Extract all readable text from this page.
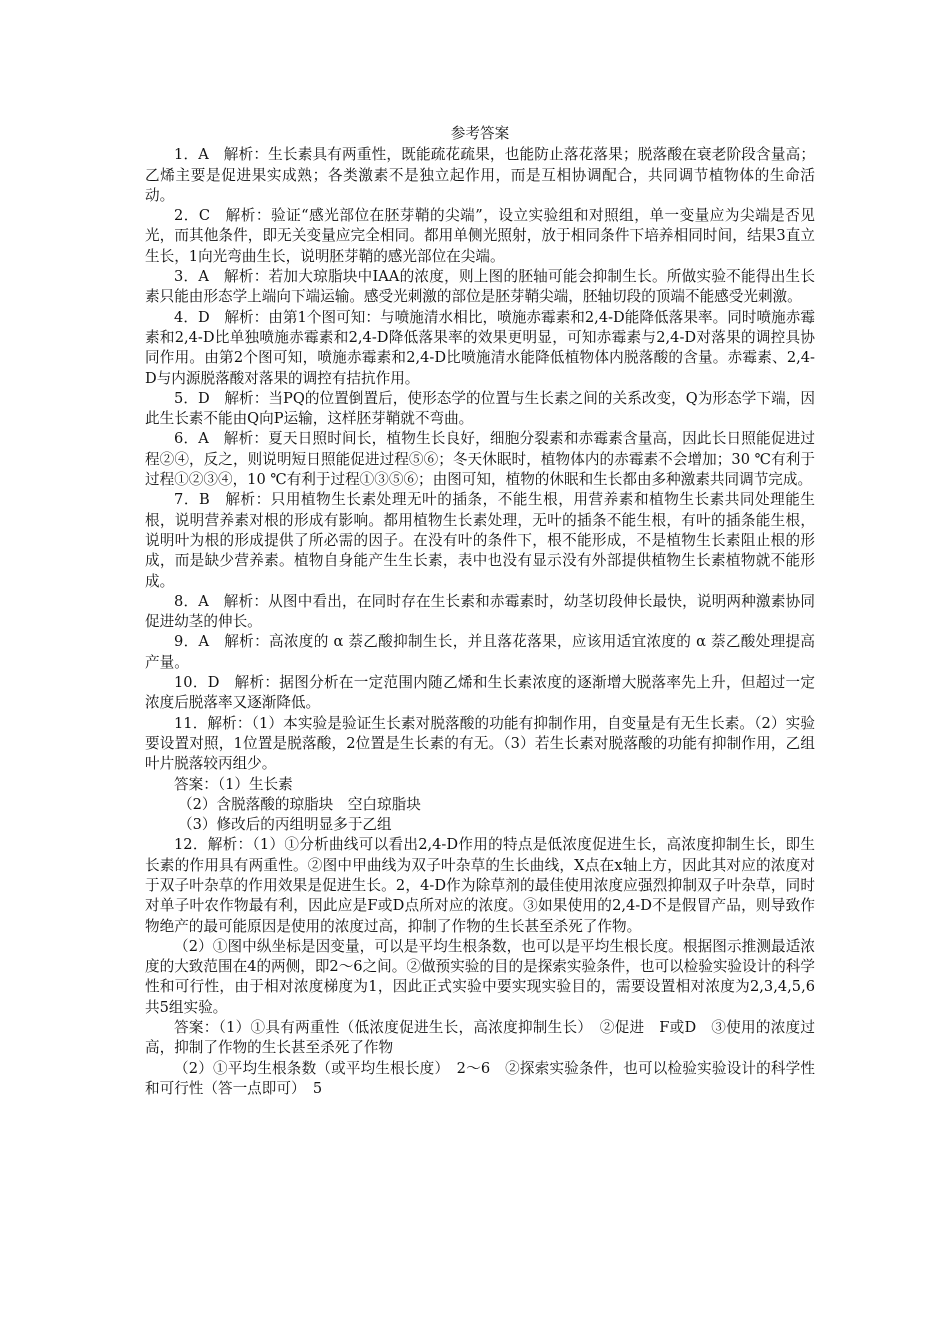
参考答案

1．A　解析：生长素具有两重性，既能疏花疏果，也能防止落花落果；脱落酸在衰老阶段含量高；乙烯主要是促进果实成熟；各类激素不是独立起作用，而是互相协调配合，共同调节植物体的生命活动。

2．C　解析：验证“感光部位在胚芽鞘的尖端”，设立实验组和对照组，单一变量应为尖端是否见光，而其他条件，即无关变量应完全相同。都用单侧光照射，放于相同条件下培养相同时间，结果3直立生长，1向光弯曲生长，说明胚芽鞘的感光部位在尖端。

3．A　解析：若加大琼脂块中IAA的浓度，则上图的胚轴可能会抑制生长。所做实验不能得出生长素只能由形态学上端向下端运输。感受光刺激的部位是胚芽鞘尖端，胚轴切段的顶端不能感受光刺激。

4．D　解析：由第1个图可知：与喷施清水相比，喷施赤霉素和2,4-D能降低落果率。同时喷施赤霉素和2,4-D比单独喷施赤霉素和2,4-D降低落果率的效果更明显，可知赤霉素与2,4-D对落果的调控具协同作用。由第2个图可知，喷施赤霉素和2,4-D比喷施清水能降低植物体内脱落酸的含量。赤霉素、2,4-D与内源脱落酸对落果的调控有拮抗作用。

5．D　解析：当PQ的位置倒置后，使形态学的位置与生长素之间的关系改变，Q为形态学下端，因此生长素不能由Q向P运输，这样胚芽鞘就不弯曲。

6．A　解析：夏天日照时间长，植物生长良好，细胞分裂素和赤霉素含量高，因此长日照能促进过程②④，反之，则说明短日照能促进过程⑤⑥；冬天休眠时，植物体内的赤霉素不会增加；30 ℃有利于过程①②③④，10 ℃有利于过程①③⑤⑥；由图可知，植物的休眠和生长都由多种激素共同调节完成。

7．B　解析：只用植物生长素处理无叶的插条，不能生根，用营养素和植物生长素共同处理能生根，说明营养素对根的形成有影响。都用植物生长素处理，无叶的插条不能生根，有叶的插条能生根，说明叶为根的形成提供了所必需的因子。在没有叶的条件下，根不能形成，不是植物生长素阻止根的形成，而是缺少营养素。植物自身能产生生长素，表中也没有显示没有外部提供植物生长素植物就不能形成。

8．A　解析：从图中看出，在同时存在生长素和赤霉素时，幼茎切段伸长最快，说明两种激素协同促进幼茎的伸长。

9．A　解析：高浓度的 α 萘乙酸抑制生长，并且落花落果，应该用适宜浓度的 α 萘乙酸处理提高产量。

10．D　解析：据图分析在一定范围内随乙烯和生长素浓度的逐渐增大脱落率先上升，但超过一定浓度后脱落率又逐渐降低。

11．解析：（1）本实验是验证生长素对脱落酸的功能有抑制作用，自变量是有无生长素。（2）实验要设置对照，1位置是脱落酸，2位置是生长素的有无。（3）若生长素对脱落酸的功能有抑制作用，乙组叶片脱落较丙组少。

答案：（1）生长素

（2）含脱落酸的琼脂块　空白琼脂块

（3）修改后的丙组明显多于乙组

12．解析：（1）①分析曲线可以看出2,4-D作用的特点是低浓度促进生长，高浓度抑制生长，即生长素的作用具有两重性。②图中甲曲线为双子叶杂草的生长曲线，X点在x轴上方，因此其对应的浓度对于双子叶杂草的作用效果是促进生长。2，4-D作为除草剂的最佳使用浓度应强烈抑制双子叶杂草，同时对单子叶农作物最有利，因此应是F或D点所对应的浓度。③如果使用的2,4-D不是假冒产品，则导致作物绝产的最可能原因是使用的浓度过高，抑制了作物的生长甚至杀死了作物。

（2）①图中纵坐标是因变量，可以是平均生根条数，也可以是平均生根长度。根据图示推测最适浓度的大致范围在4的两侧，即2～6之间。②做预实验的目的是探索实验条件，也可以检验实验设计的科学性和可行性，由于相对浓度梯度为1，因此正式实验中要实现实验目的，需要设置相对浓度为2,3,4,5,6共5组实验。

答案：（1）①具有两重性（低浓度促进生长，高浓度抑制生长）　②促进　F或D　③使用的浓度过高，抑制了作物的生长甚至杀死了作物

（2）①平均生根条数（或平均生根长度）　2～6　②探索实验条件，也可以检验实验设计的科学性和可行性（答一点即可）　5
